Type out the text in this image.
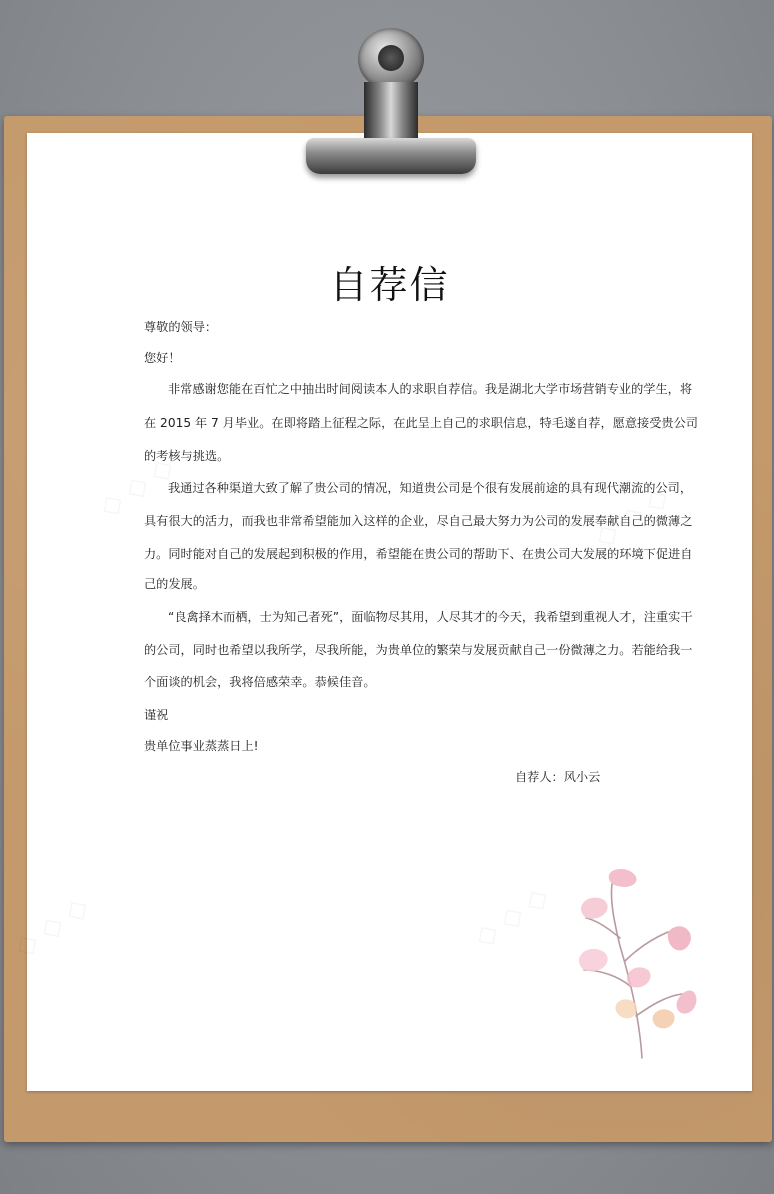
自荐信

尊敬的领导：

您好！

非常感谢您能在百忙之中抽出时间阅读本人的求职自荐信。我是湖北大学市场营销专业的学生，将

在 2015 年 7 月毕业。在即将踏上征程之际，在此呈上自己的求职信息，特毛遂自荐，愿意接受贵公司

的考核与挑选。

我通过各种渠道大致了解了贵公司的情况，知道贵公司是个很有发展前途的具有现代潮流的公司，

具有很大的活力，而我也非常希望能加入这样的企业，尽自己最大努力为公司的发展奉献自己的微薄之

力。同时能对自己的发展起到积极的作用，希望能在贵公司的帮助下、在贵公司大发展的环境下促进自

己的发展。

“良禽择木而栖，士为知己者死”，面临物尽其用，人尽其才的今天，我希望到重视人才，注重实干

的公司，同时也希望以我所学，尽我所能，为贵单位的繁荣与发展贡献自己一份微薄之力。若能给我一

个面谈的机会，我将倍感荣幸。恭候佳音。

谨祝

贵单位事业蒸蒸日上!

自荐人：风小云
